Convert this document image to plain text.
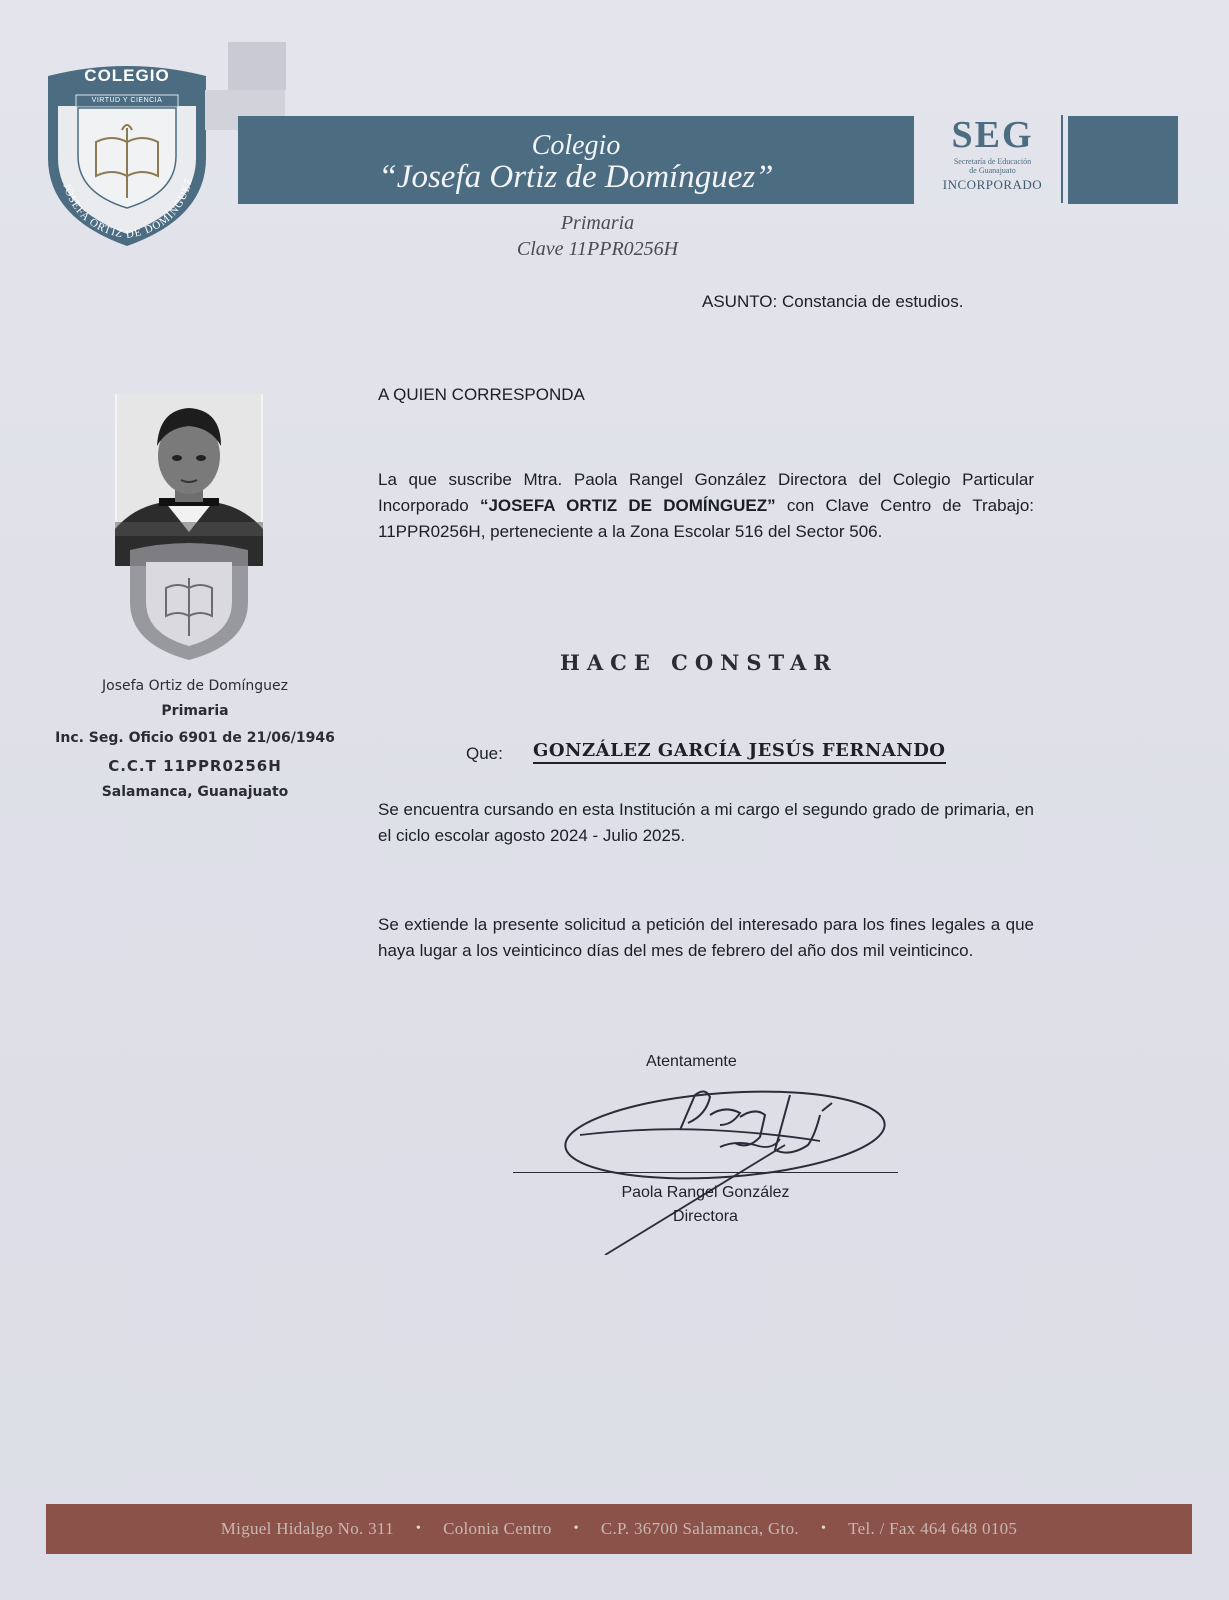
COLEGIO
VIRTUD Y CIENCIA
JOSEFA ORTIZ DE DOMÍNGUEZ
Colegio
“Josefa Ortiz de Domínguez”
SEG
Secretaría de Educación
de Guanajuato
INCORPORADO
Primaria
Clave 11PPR0256H
ASUNTO: Constancia de estudios.
Josefa Ortiz de Domínguez
Primaria
Inc. Seg. Oficio 6901 de 21/06/1946
C.C.T 11PPR0256H
Salamanca, Guanajuato
A QUIEN CORRESPONDA
La que suscribe Mtra. Paola Rangel González Directora del Colegio Particular Incorporado “JOSEFA ORTIZ DE DOMÍNGUEZ” con Clave Centro de Trabajo: 11PPR0256H, perteneciente a la Zona Escolar 516 del Sector 506.
HACE CONSTAR
Que: GONZÁLEZ GARCÍA JESÚS FERNANDO
Se encuentra cursando en esta Institución a mi cargo el segundo grado de primaria, en el ciclo escolar agosto 2024 - Julio 2025.
Se extiende la presente solicitud a petición del interesado para los fines legales a que haya lugar a los veinticinco días del mes de febrero del año dos mil veinticinco.
Atentamente
Paola Rangel González
Directora
Miguel Hidalgo No. 311 • Colonia Centro • C.P. 36700 Salamanca, Gto. • Tel. / Fax 464 648 0105
